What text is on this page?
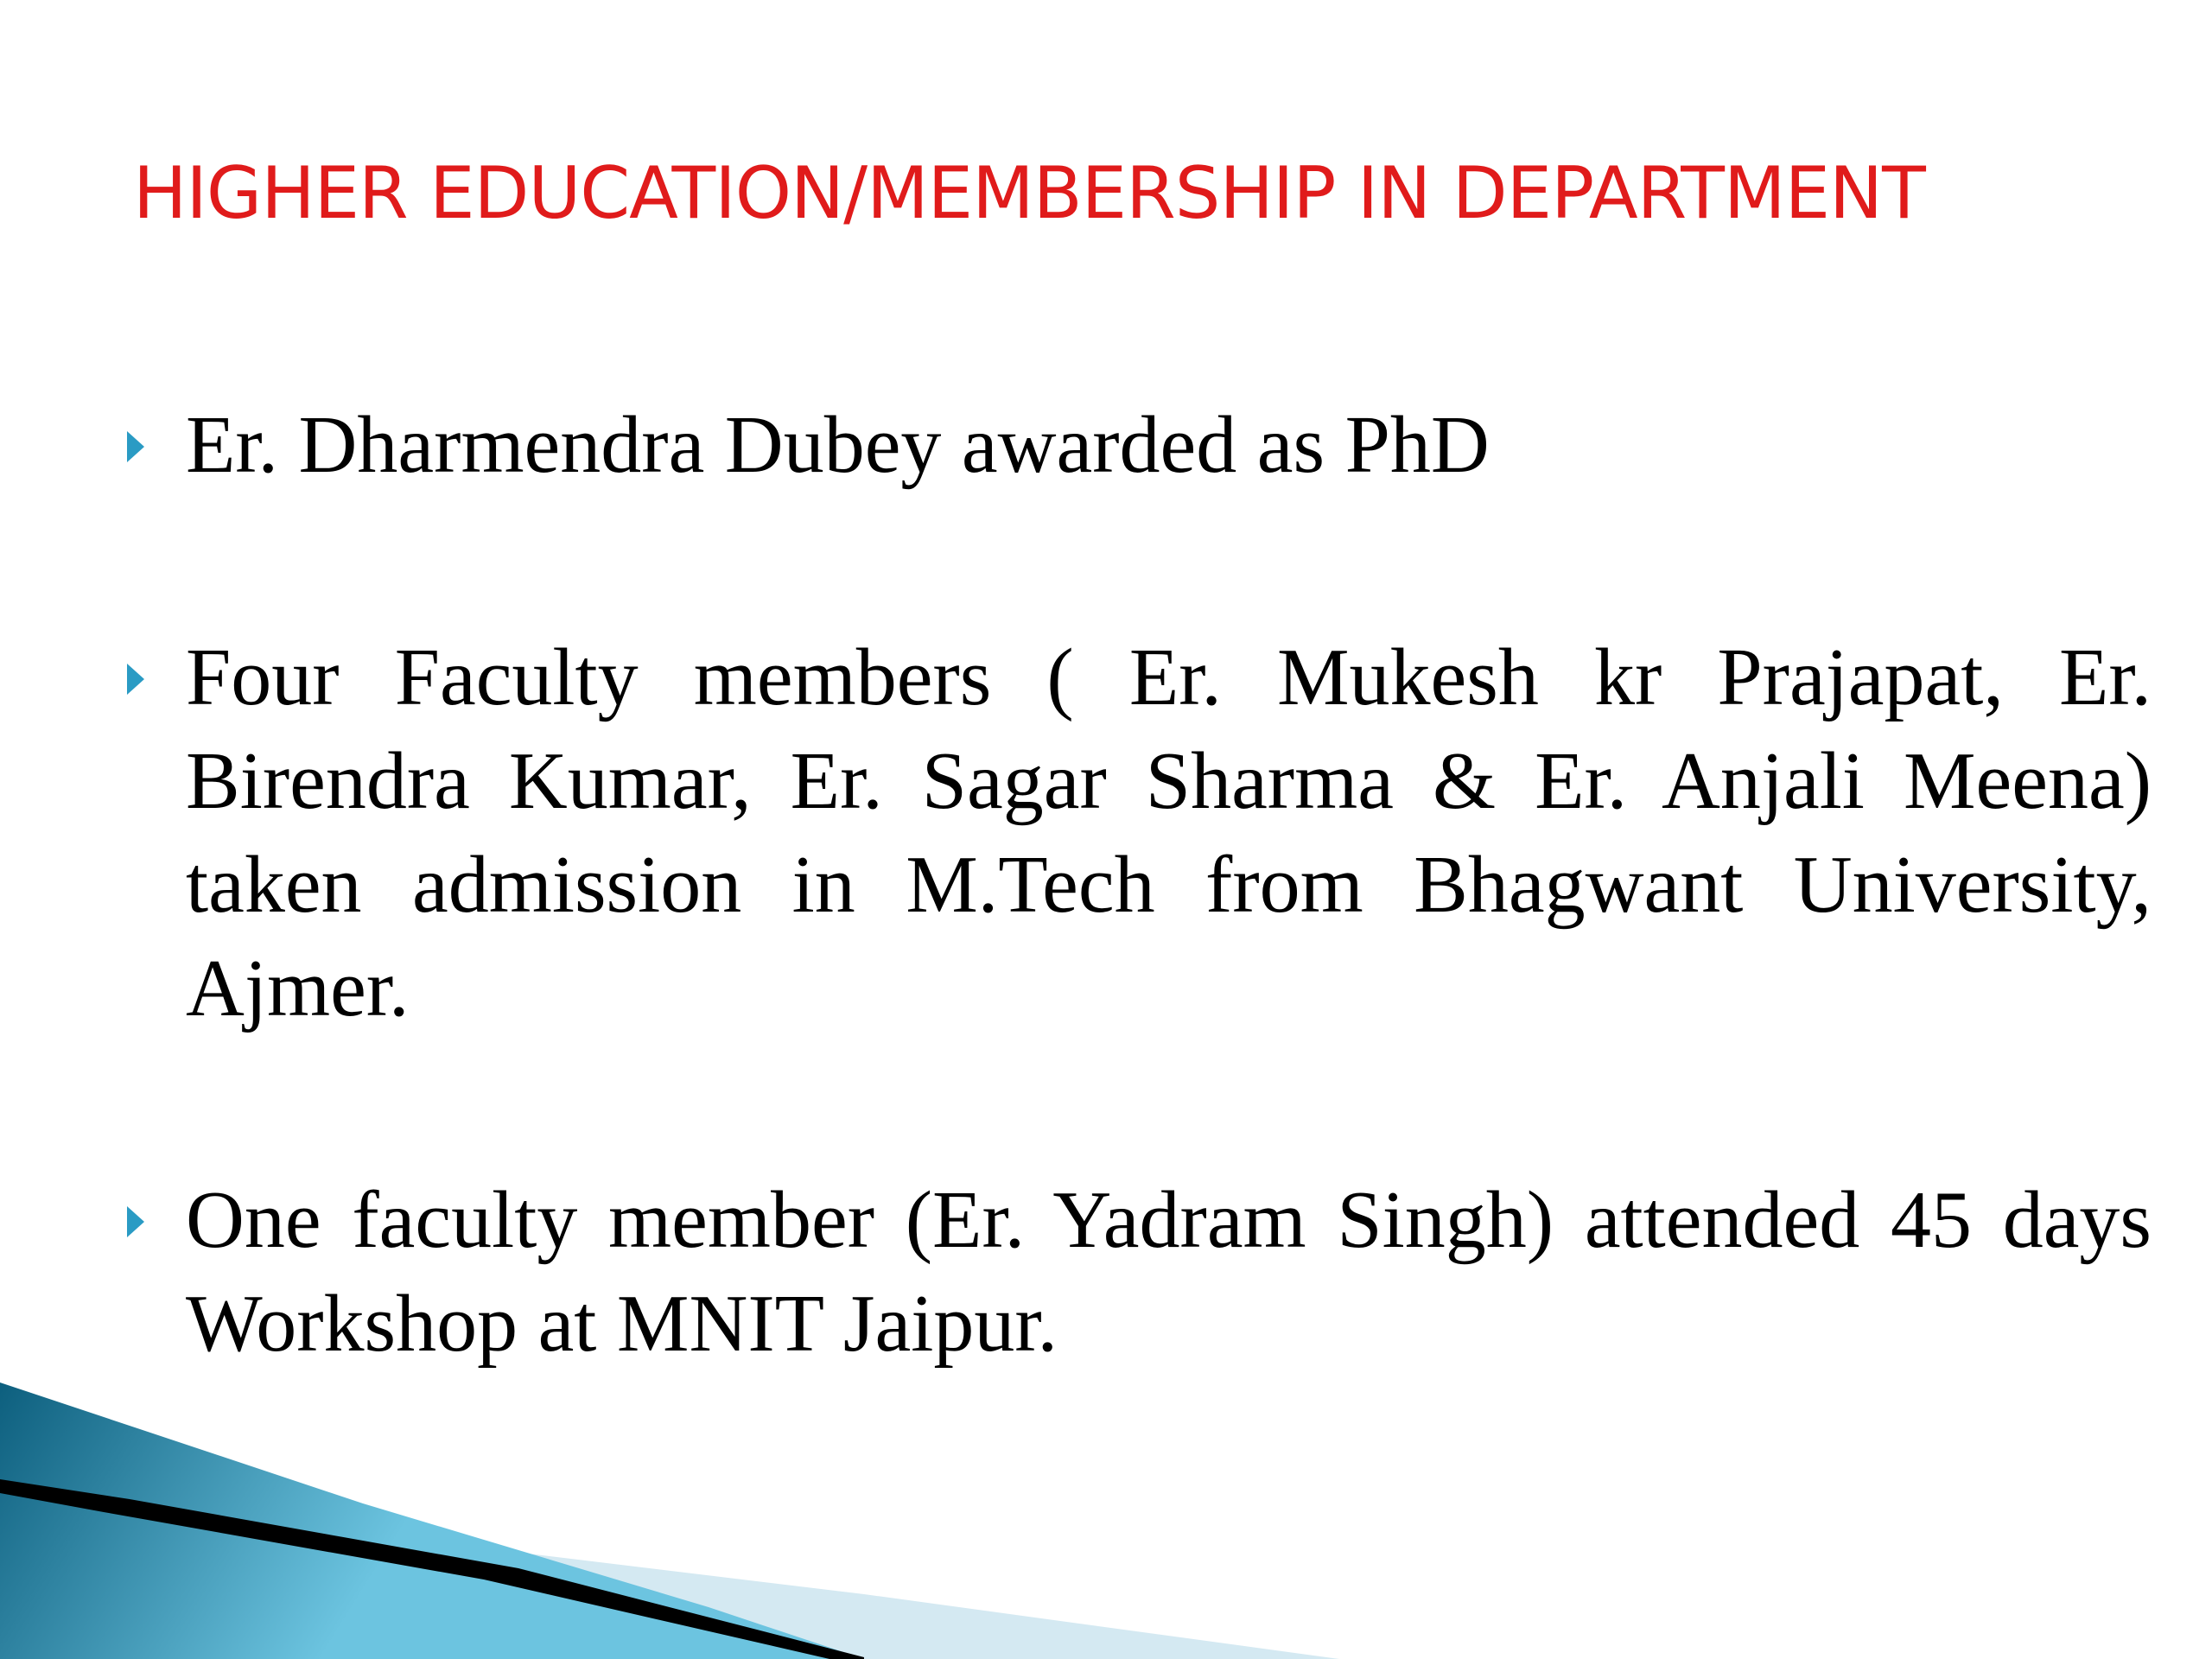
HIGHER EDUCATION/MEMBERSHIP IN DEPARTMENT

Er. Dharmendra Dubey awarded as PhD

Four Faculty members ( Er. Mukesh kr Prajapat, Er. Birendra Kumar, Er. Sagar Sharma & Er. Anjali Meena) taken admission in M.Tech from Bhagwant University, Ajmer.

One faculty member (Er. Yadram Singh) attended 45 days Workshop at MNIT Jaipur.
